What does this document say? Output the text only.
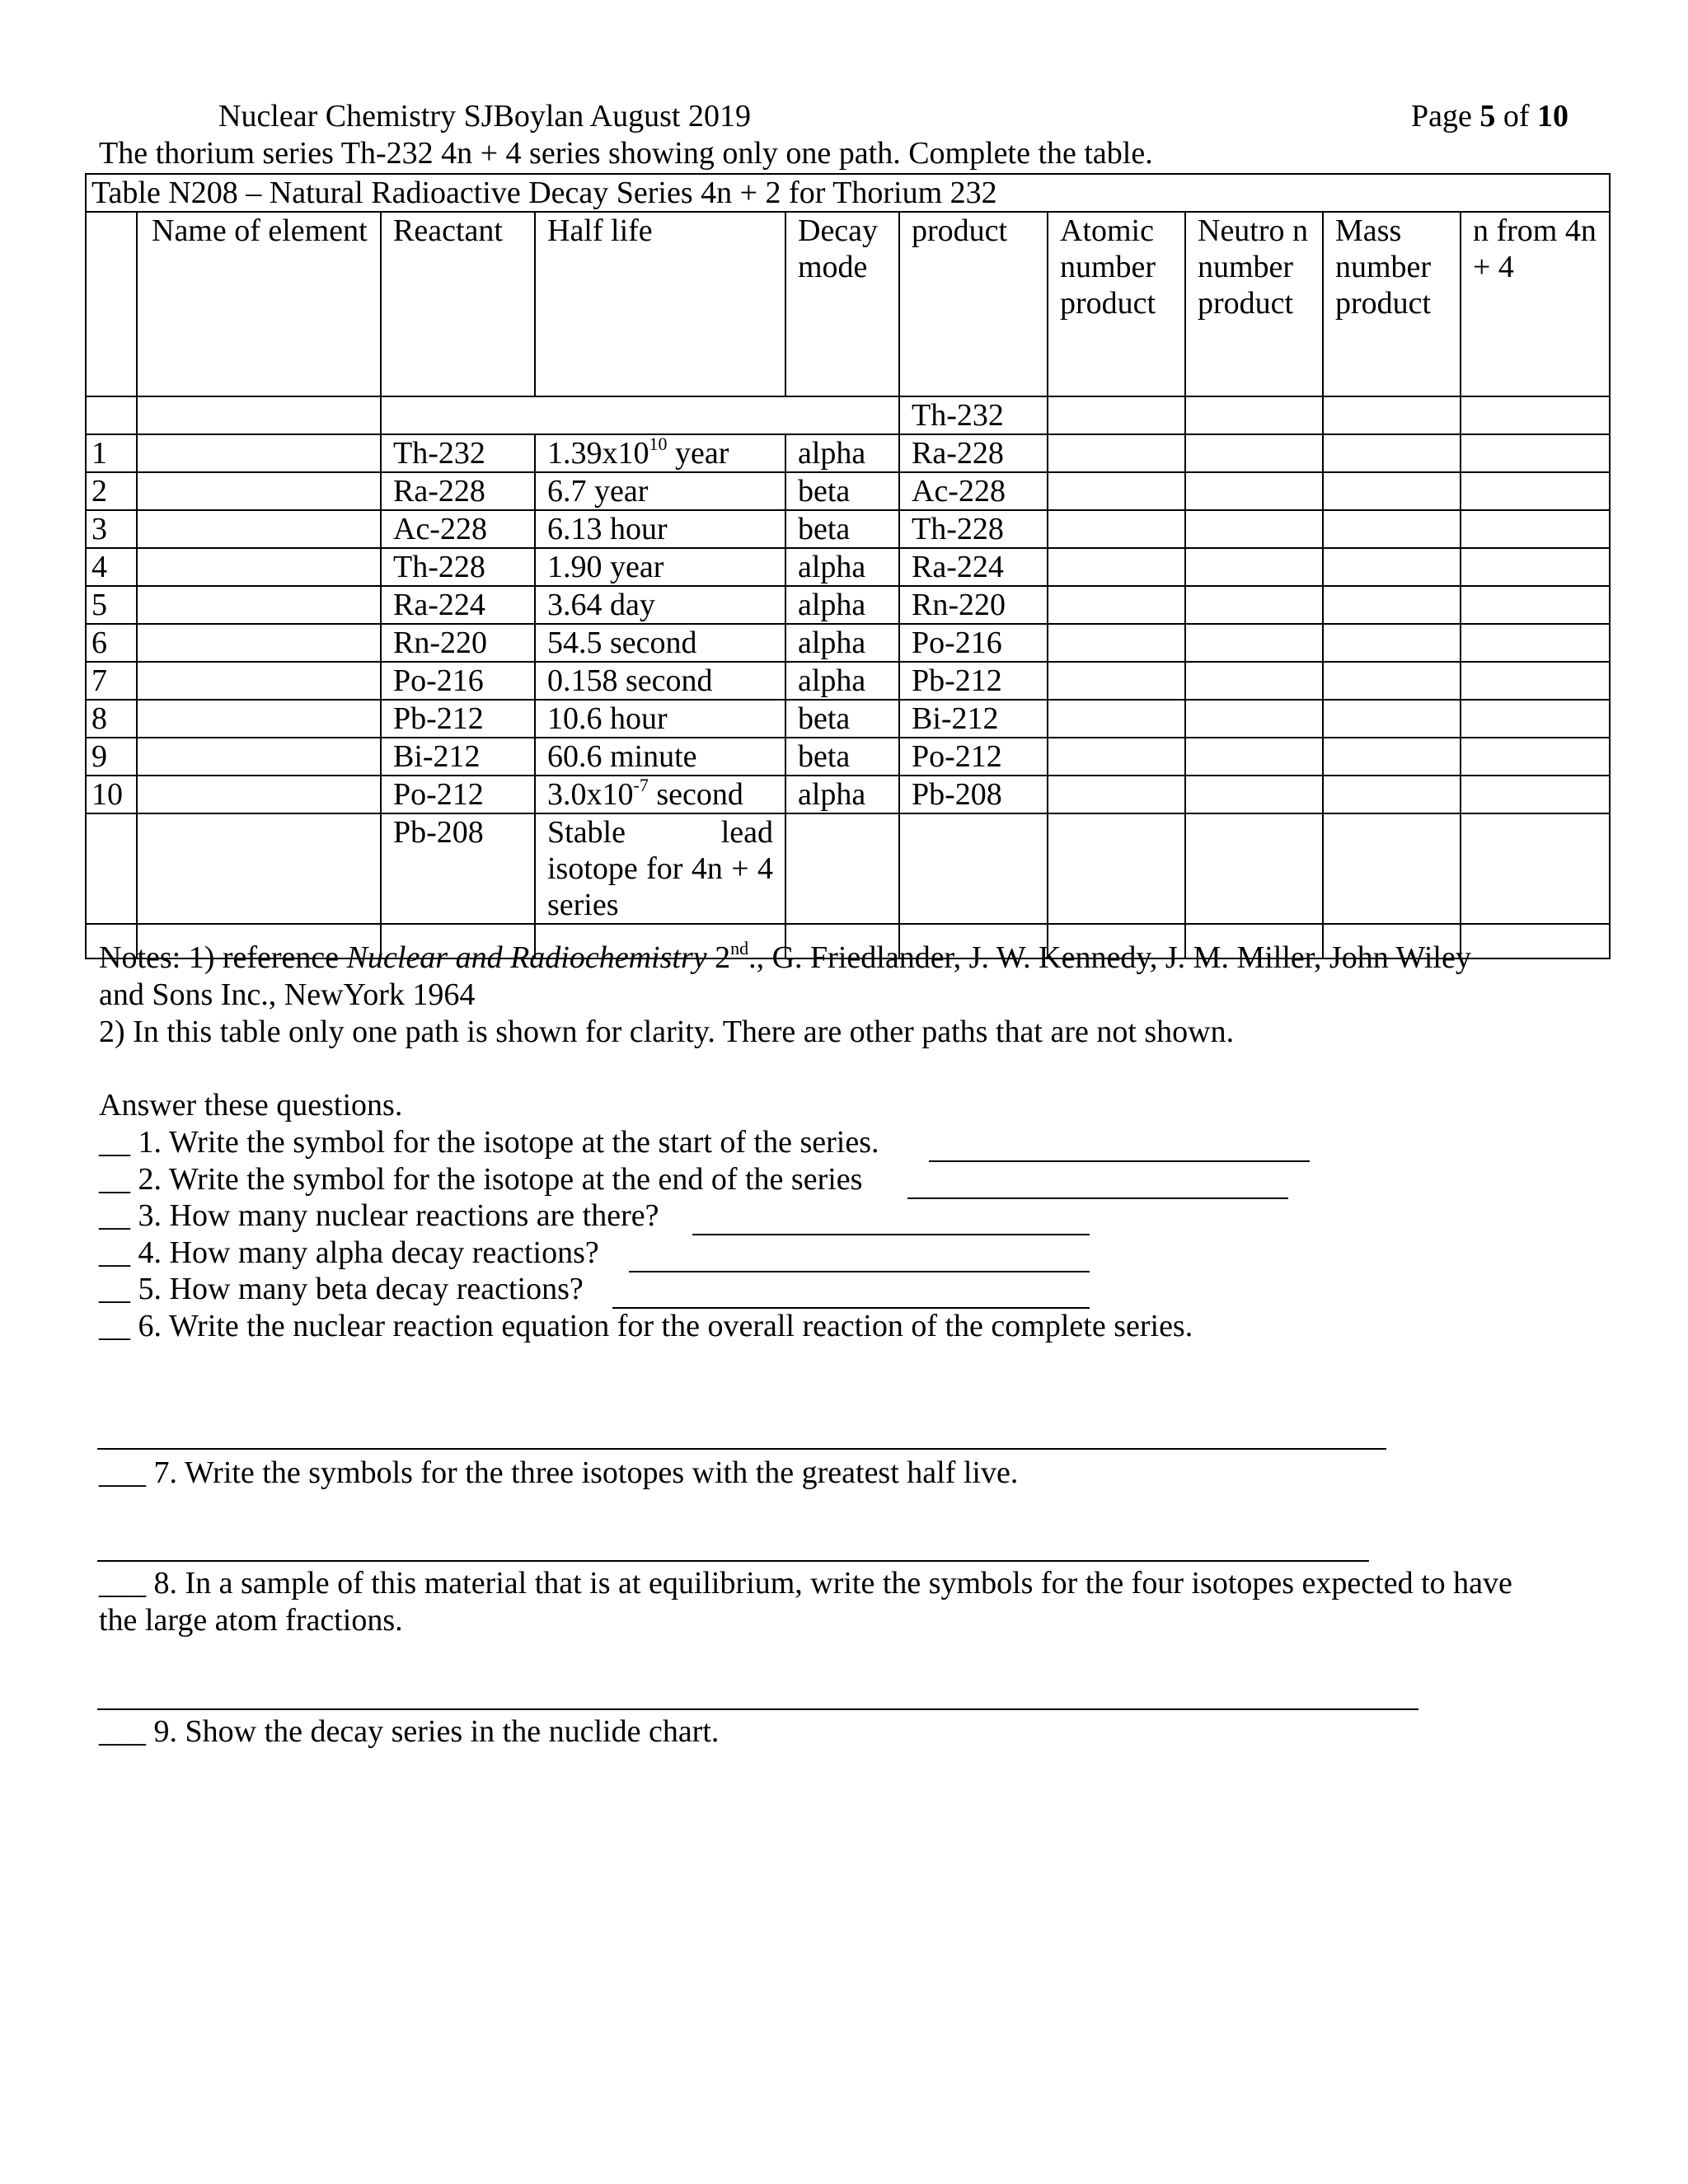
Nuclear Chemistry SJBoylan August 2019	Page 5 of 10
The thorium series Th-232 4n + 4 series showing only one path. Complete the table.
Table N208 – Natural Radioactive Decay Series 4n + 2 for Thorium 232									
	Name of element	Reactant	Half life	Decay mode	product	Atomic number product	Neutro n number product	Mass number product	n from 4n + 4
					Th-232				
1		Th-232	$1.39x10^{10}$ year	alpha	Ra-228				
2		Ra-228	6.7 year	beta	Ac-228				
3		Ac-228	6.13 hour	beta	Th-228				
4		Th-228	1.90 year	alpha	Ra-224				
5		Ra-224	3.64 day	alpha	Rn-220				
6		Rn-220	54.5 second	alpha	Po-216				
7		Po-216	0.158 second	alpha	Pb-212				
8		Pb-212	10.6 hour	beta	Bi-212				
9		Bi-212	60.6 minute	beta	Po-212				
10		Po-212	$3.0x10^{-7}$ second	alpha	Pb-208				
		Pb-208	Stable lead isotope for 4n + 4 series						

Notes: 1) reference Nuclear and Radiochemistry 2nd., G. Friedlander, J. W. Kennedy, J. M. Miller, John Wiley
and Sons Inc., NewYork 1964
2) In this table only one path is shown for clarity. There are other paths that are not shown.
Answer these questions.
__ 1. Write the symbol for the isotope at the start of the series.
__ 2. Write the symbol for the isotope at the end of the series
__ 3. How many nuclear reactions are there?
__ 4. How many alpha decay reactions?
__ 5. How many beta decay reactions?
__ 6. Write the nuclear reaction equation for the overall reaction of the complete series.
___ 7. Write the symbols for the three isotopes with the greatest half live.
___ 8. In a sample of this material that is at equilibrium, write the symbols for the four isotopes expected to have
the large atom fractions.
___ 9. Show the decay series in the nuclide chart.
